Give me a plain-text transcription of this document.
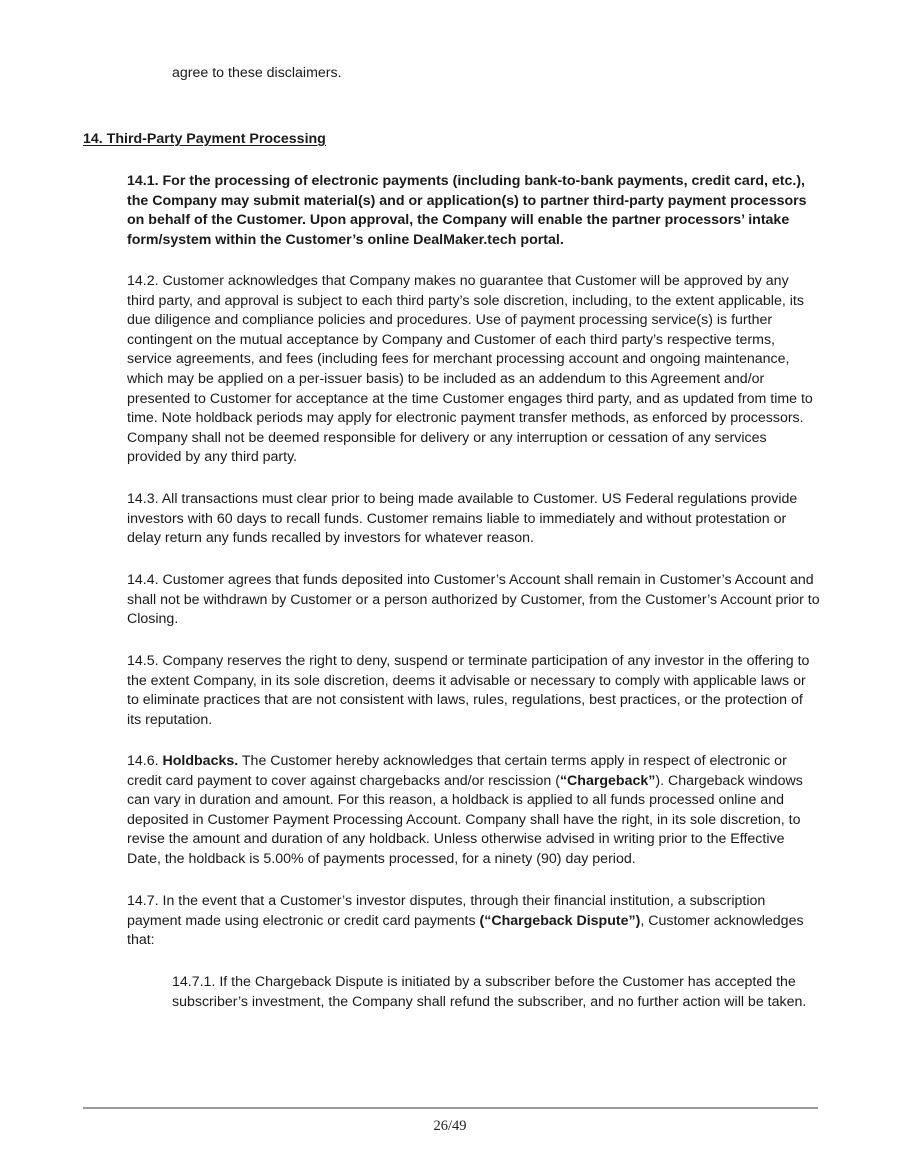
agree to these disclaimers.

14. Third-Party Payment Processing

14.1. For the processing of electronic payments (including bank-to-bank payments, credit card, etc.), the Company may submit material(s) and or application(s) to partner third-party payment processors on behalf of the Customer. Upon approval, the Company will enable the partner processors’ intake form/system within the Customer’s online DealMaker.tech portal.

14.2. Customer acknowledges that Company makes no guarantee that Customer will be approved by any third party, and approval is subject to each third party’s sole discretion, including, to the extent applicable, its due diligence and compliance policies and procedures. Use of payment processing service(s) is further contingent on the mutual acceptance by Company and Customer of each third party’s respective terms, service agreements, and fees (including fees for merchant processing account and ongoing maintenance, which may be applied on a per-issuer basis) to be included as an addendum to this Agreement and/or presented to Customer for acceptance at the time Customer engages third party, and as updated from time to time. Note holdback periods may apply for electronic payment transfer methods, as enforced by processors. Company shall not be deemed responsible for delivery or any interruption or cessation of any services provided by any third party.

14.3. All transactions must clear prior to being made available to Customer. US Federal regulations provide investors with 60 days to recall funds. Customer remains liable to immediately and without protestation or delay return any funds recalled by investors for whatever reason.

14.4. Customer agrees that funds deposited into Customer’s Account shall remain in Customer’s Account and shall not be withdrawn by Customer or a person authorized by Customer, from the Customer’s Account prior to Closing.

14.5. Company reserves the right to deny, suspend or terminate participation of any investor in the offering to the extent Company, in its sole discretion, deems it advisable or necessary to comply with applicable laws or to eliminate practices that are not consistent with laws, rules, regulations, best practices, or the protection of its reputation.

14.6. Holdbacks. The Customer hereby acknowledges that certain terms apply in respect of electronic or credit card payment to cover against chargebacks and/or rescission (“Chargeback”). Chargeback windows can vary in duration and amount. For this reason, a holdback is applied to all funds processed online and deposited in Customer Payment Processing Account. Company shall have the right, in its sole discretion, to revise the amount and duration of any holdback. Unless otherwise advised in writing prior to the Effective Date, the holdback is 5.00% of payments processed, for a ninety (90) day period.

14.7. In the event that a Customer’s investor disputes, through their financial institution, a subscription payment made using electronic or credit card payments (“Chargeback Dispute”), Customer acknowledges that:

14.7.1. If the Chargeback Dispute is initiated by a subscriber before the Customer has accepted the subscriber’s investment, the Company shall refund the subscriber, and no further action will be taken.

26/49
